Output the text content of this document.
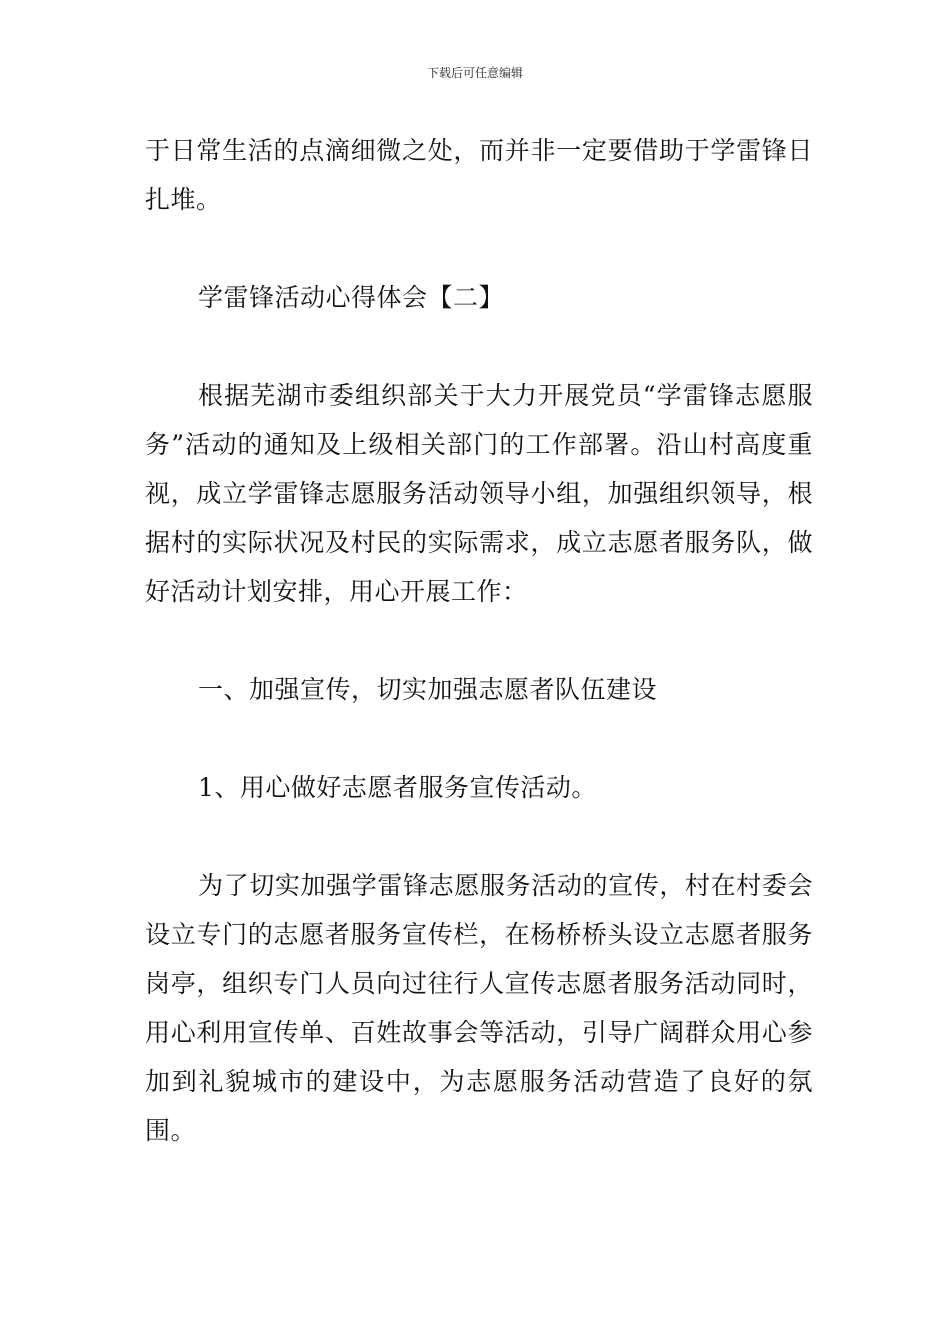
下载后可任意编辑

于日常生活的点滴细微之处，而并非一定要借助于学雷锋日扎堆。

学雷锋活动心得体会【二】

根据芜湖市委组织部关于大力开展党员“学雷锋志愿服务”活动的通知及上级相关部门的工作部署。沿山村高度重视，成立学雷锋志愿服务活动领导小组，加强组织领导，根据村的实际状况及村民的实际需求，成立志愿者服务队，做好活动计划安排，用心开展工作：

一、加强宣传，切实加强志愿者队伍建设

1、用心做好志愿者服务宣传活动。

为了切实加强学雷锋志愿服务活动的宣传，村在村委会设立专门的志愿者服务宣传栏，在杨桥桥头设立志愿者服务岗亭，组织专门人员向过往行人宣传志愿者服务活动同时，用心利用宣传单、百姓故事会等活动，引导广阔群众用心参加到礼貌城市的建设中，为志愿服务活动营造了良好的氛围。
